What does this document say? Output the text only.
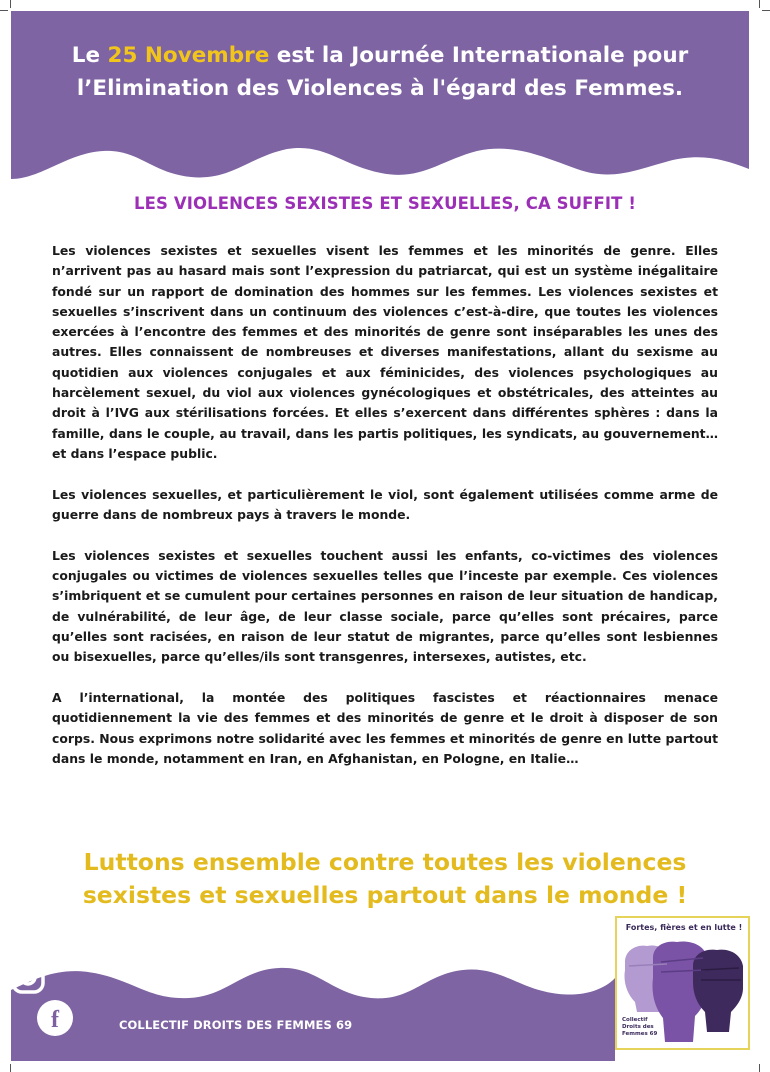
Le 25 Novembre est la Journée Internationale pour l’Elimination des Violences à l'égard des Femmes.
LES VIOLENCES SEXISTES ET SEXUELLES, CA SUFFIT !

Les violences sexistes et sexuelles visent les femmes et les minorités de genre. Elles n’arrivent pas au hasard mais sont l’expression du patriarcat, qui est un système inégalitaire fondé sur un rapport de domination des hommes sur les femmes. Les violences sexistes et sexuelles s’inscrivent dans un continuum des violences c’est-à-dire, que toutes les violences exercées à l’encontre des femmes et des minorités de genre sont inséparables les unes des autres. Elles connaissent de nombreuses et diverses manifestations, allant du sexisme au quotidien aux violences conjugales et aux féminicides, des violences psychologiques au harcèlement sexuel, du viol aux violences gynécologiques et obstétricales, des atteintes au droit à l’IVG aux stérilisations forcées. Et elles s’exercent dans différentes sphères : dans la famille, dans le couple, au travail, dans les partis politiques, les syndicats, au gouvernement… et dans l’espace public.

Les violences sexuelles, et particulièrement le viol, sont également utilisées comme arme de guerre dans de nombreux pays à travers le monde.

Les violences sexistes et sexuelles touchent aussi les enfants, co-victimes des violences conjugales ou victimes de violences sexuelles telles que l’inceste par exemple. Ces violences s’imbriquent et se cumulent pour certaines personnes en raison de leur situation de handicap, de vulnérabilité, de leur âge, de leur classe sociale, parce qu’elles sont précaires, parce qu’elles sont racisées, en raison de leur statut de migrantes, parce qu’elles sont lesbiennes ou bisexuelles, parce qu’elles/ils sont transgenres, intersexes, autistes, etc.

A l’international, la montée des politiques fascistes et réactionnaires menace quotidiennement la vie des femmes et des minorités de genre et le droit à disposer de son corps. Nous exprimons notre solidarité avec les femmes et minorités de genre en lutte partout dans le monde, notamment en Iran, en Afghanistan, en Pologne, en Italie…

Luttons ensemble contre toutes les violences sexistes et sexuelles partout dans le monde !

f	COLLECTIF DROITS DES FEMMES 69
Fortes, fières et en lutte !
Collectif Droits des Femmes 69
